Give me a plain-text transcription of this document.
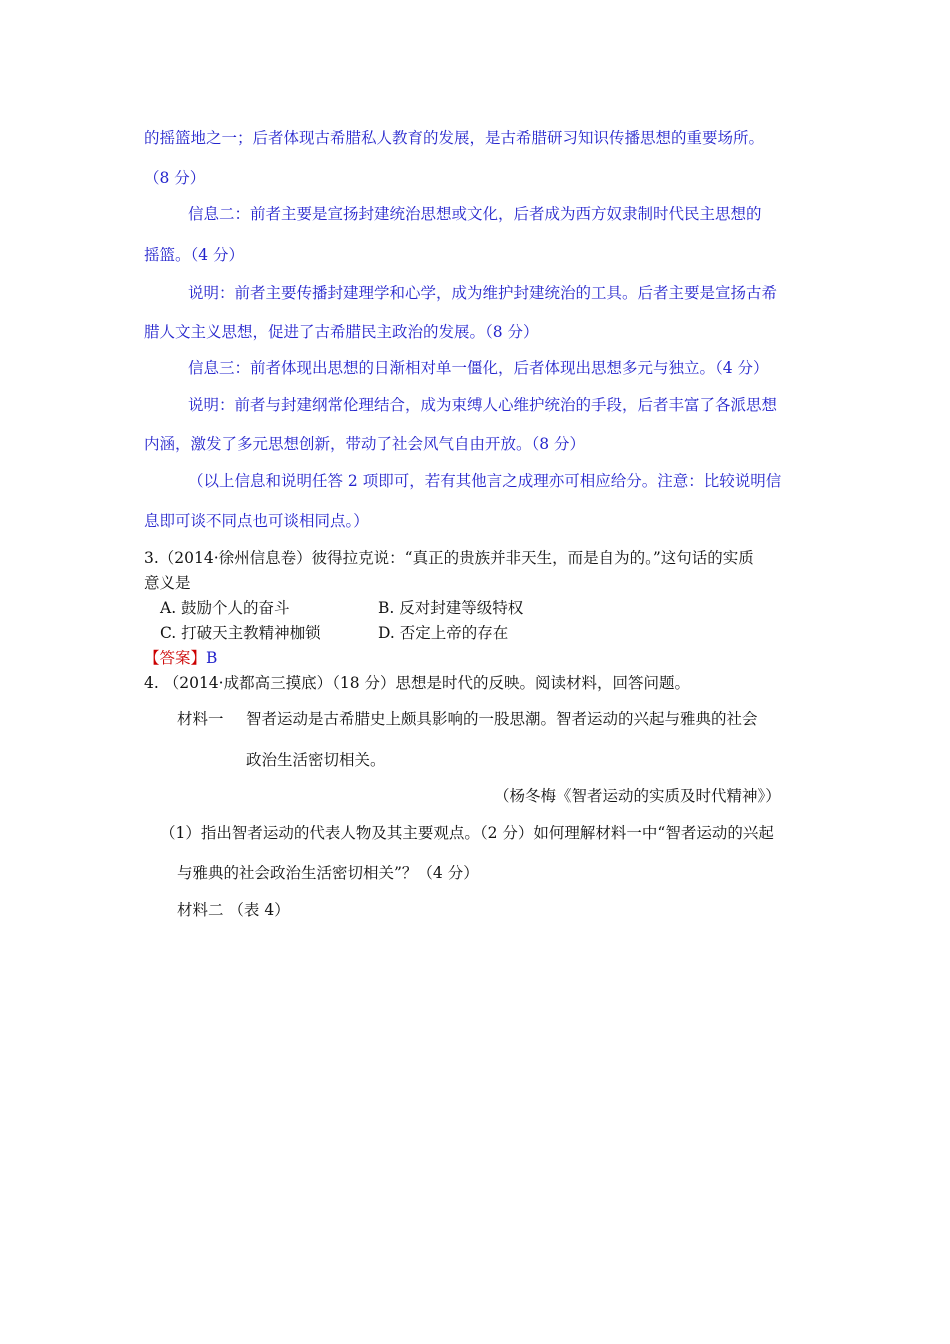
的摇篮地之一；后者体现古希腊私人教育的发展，是古希腊研习知识传播思想的重要场所。
（8 分）
信息二：前者主要是宣扬封建统治思想或文化，后者成为西方奴隶制时代民主思想的
摇篮。（4 分）
说明：前者主要传播封建理学和心学，成为维护封建统治的工具。后者主要是宣扬古希
腊人文主义思想，促进了古希腊民主政治的发展。（8 分）
信息三：前者体现出思想的日渐相对单一僵化，后者体现出思想多元与独立。（4 分）
说明：前者与封建纲常伦理结合，成为束缚人心维护统治的手段，后者丰富了各派思想
内涵，激发了多元思想创新，带动了社会风气自由开放。（8 分）
（以上信息和说明任答 2 项即可，若有其他言之成理亦可相应给分。注意：比较说明信
息即可谈不同点也可谈相同点。）
3.（2014·徐州信息卷）彼得拉克说：“真正的贵族并非天生，而是自为的。”这句话的实质
意义是
A. 鼓励个人的奋斗	B. 反对封建等级特权
C. 打破天主教精神枷锁	D. 否定上帝的存在
【答案】B
4. （2014·成都高三摸底）（18 分）思想是时代的反映。阅读材料，回答问题。
材料一 智者运动是古希腊史上颇具影响的一股思潮。智者运动的兴起与雅典的社会
政治生活密切相关。
（杨冬梅《智者运动的实质及时代精神》）
（1）指出智者运动的代表人物及其主要观点。（2 分）如何理解材料一中“智者运动的兴起
与雅典的社会政治生活密切相关”？（4 分）
材料二 （表 4）
